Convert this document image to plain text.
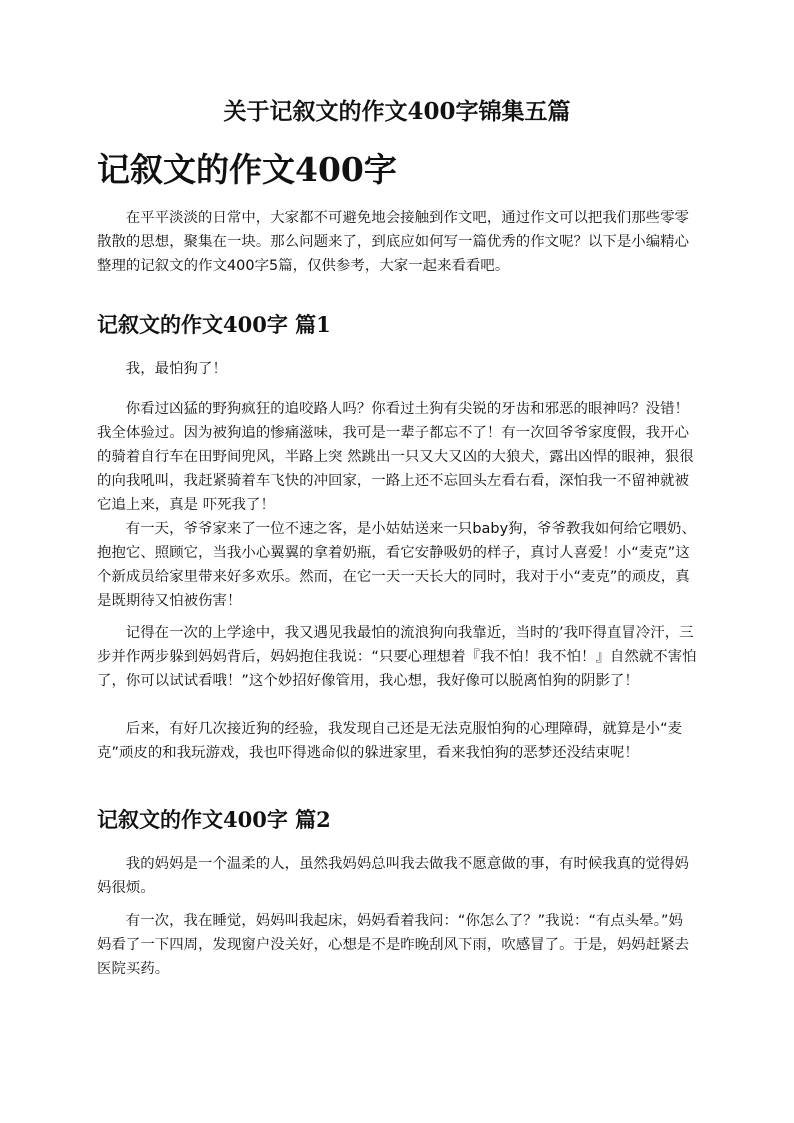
关于记叙文的作文400字锦集五篇
记叙文的作文400字

在平平淡淡的日常中，大家都不可避免地会接触到作文吧，通过作文可以把我们那些零零散散的思想，聚集在一块。那么问题来了，到底应如何写一篇优秀的作文呢？以下是小编精心整理的记叙文的作文400字5篇，仅供参考，大家一起来看看吧。

记叙文的作文400字 篇1

我，最怕狗了！

你看过凶猛的野狗疯狂的追咬路人吗？你看过土狗有尖锐的牙齿和邪恶的眼神吗？没错！我全体验过。因为被狗追的惨痛滋味，我可是一辈子都忘不了！有一次回爷爷家度假，我开心的骑着自行车在田野间兜风，半路上突 然跳出一只又大又凶的大狼犬，露出凶悍的眼神，狠很的向我吼叫，我赶紧骑着车飞快的冲回家，一路上还不忘回头左看右看，深怕我一不留神就被它追上来，真是 吓死我了！

有一天，爷爷家来了一位不速之客，是小姑姑送来一只baby狗，爷爷教我如何给它喂奶、抱抱它、照顾它，当我小心翼翼的拿着奶瓶，看它安静吸奶的样子，真讨人喜爱！小“麦克”这个新成员给家里带来好多欢乐。然而，在它一天一天长大的同时，我对于小“麦克”的顽皮，真是既期待又怕被伤害！

记得在一次的上学途中，我又遇见我最怕的流浪狗向我靠近，当时的’我吓得直冒冷汗，三步并作两步躲到妈妈背后，妈妈抱住我说：“只要心理想着『我不怕！我不怕！』自然就不害怕了，你可以试试看哦！”这个妙招好像管用，我心想，我好像可以脱离怕狗的阴影了！

后来，有好几次接近狗的经验，我发现自己还是无法克服怕狗的心理障碍，就算是小“麦克”顽皮的和我玩游戏，我也吓得逃命似的躲进家里，看来我怕狗的恶梦还没结束呢！

记叙文的作文400字 篇2

我的妈妈是一个温柔的人，虽然我妈妈总叫我去做我不愿意做的事，有时候我真的觉得妈妈很烦。

有一次，我在睡觉，妈妈叫我起床，妈妈看着我问：“你怎么了？”我说：“有点头晕。”妈妈看了一下四周，发现窗户没关好，心想是不是昨晚刮风下雨，吹感冒了。于是，妈妈赶紧去医院买药。
